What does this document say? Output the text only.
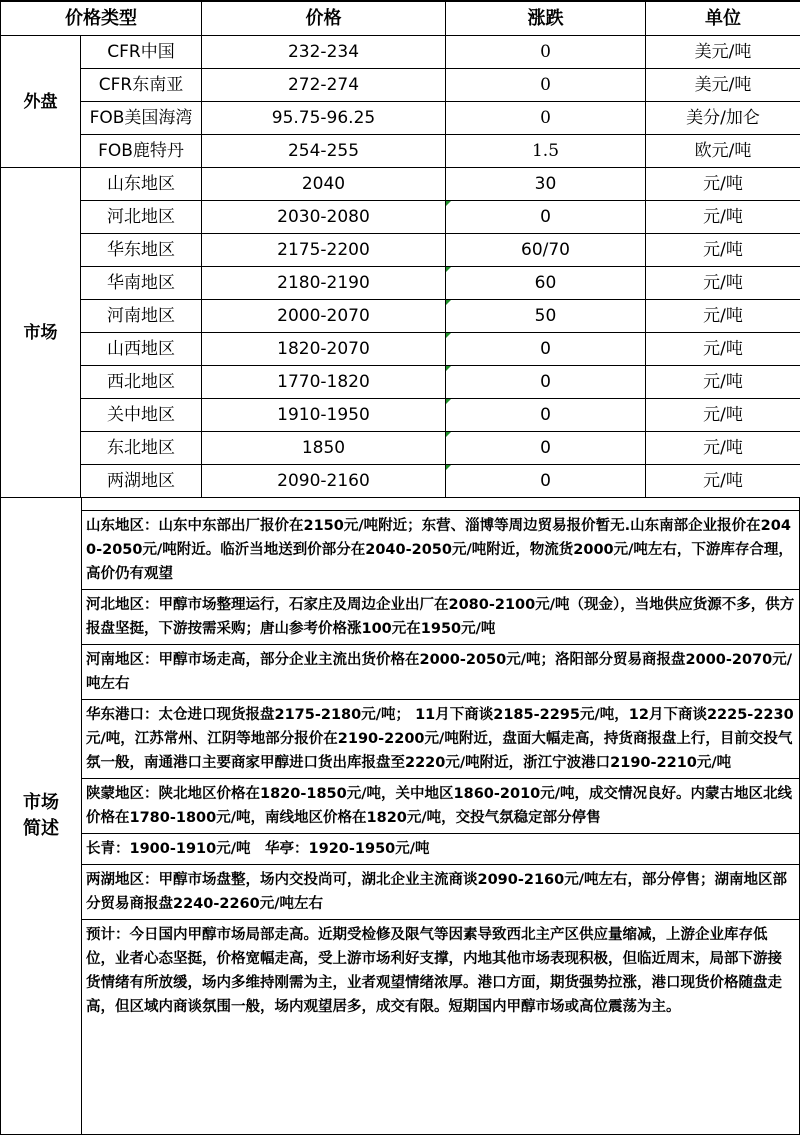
价格类型		价格	涨跌	单位
外盘	CFR中国	232-234	0	美元/吨
	CFR东南亚	272-274	0	美元/吨
	FOB美国海湾	95.75-96.25	0	美分/加仑
	FOB鹿特丹	254-255	1.5	欧元/吨
市场	山东地区	2040	30	元/吨
	河北地区	2030-2080	0	元/吨
	华东地区	2175-2200	60/70	元/吨
	华南地区	2180-2190	60	元/吨
	河南地区	2000-2070	50	元/吨
	山西地区	1820-2070	0	元/吨
	西北地区	1770-1820	0	元/吨
	关中地区	1910-1950	0	元/吨
	东北地区	1850	0	元/吨
	两湖地区	2090-2160	0	元/吨
市场
简述
山东地区：山东中东部出厂报价在2150元/吨附近；东营、淄博等周边贸易报价暂无.山东南部企业报价在2040-2050元/吨附近。临沂当地送到价部分在2040-2050元/吨附近，物流货2000元/吨左右，下游库存合理，高价仍有观望
河北地区：甲醇市场整理运行，石家庄及周边企业出厂在2080-2100元/吨（现金），当地供应货源不多，供方报盘坚挺，下游按需采购；唐山参考价格涨100元在1950元/吨
河南地区：甲醇市场走高，部分企业主流出货价格在2000-2050元/吨；洛阳部分贸易商报盘2000-2070元/吨左右
华东港口：太仓进口现货报盘2175-2180元/吨； 11月下商谈2185-2295元/吨，12月下商谈2225-2230元/吨，江苏常州、江阴等地部分报价在2190-2200元/吨附近，盘面大幅走高，持货商报盘上行，目前交投气氛一般，南通港口主要商家甲醇进口货出库报盘至2220元/吨附近，浙江宁波港口2190-2210元/吨
陕蒙地区：陕北地区价格在1820-1850元/吨，关中地区1860-2010元/吨，成交情况良好。内蒙古地区北线价格在1780-1800元/吨，南线地区价格在1820元/吨，交投气氛稳定部分停售
长青：1900-1910元/吨　华亭：1920-1950元/吨
两湖地区：甲醇市场盘整，场内交投尚可，湖北企业主流商谈2090-2160元/吨左右，部分停售；湖南地区部分贸易商报盘2240-2260元/吨左右
预计：今日国内甲醇市场局部走高。近期受检修及限气等因素导致西北主产区供应量缩减，上游企业库存低位，业者心态坚挺，价格宽幅走高，受上游市场利好支撑，内地其他市场表现积极，但临近周末，局部下游接货情绪有所放缓，场内多维持刚需为主，业者观望情绪浓厚。港口方面，期货强势拉涨，港口现货价格随盘走高，但区域内商谈氛围一般，场内观望居多，成交有限。短期国内甲醇市场或高位震荡为主。
